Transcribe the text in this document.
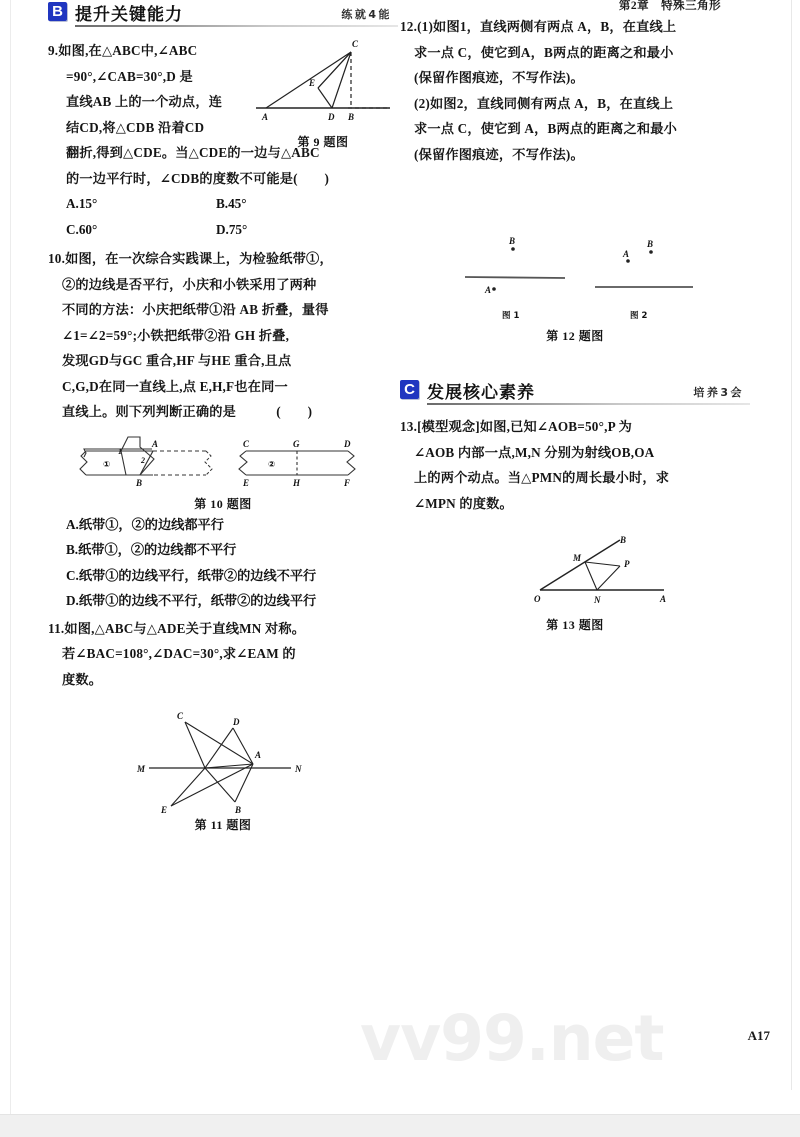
第2章　特殊三角形
B 提升关键能力	练就4能
9.如图,在△ABC中,∠ABC
=90°,∠CAB=30°,D 是
直线AB 上的一个动点，连
结CD,将△CDB 沿着CD
翻折,得到△CDE。当△CDE的一边与△ABC
的一边平行时，∠CDB的度数不可能是(　　)
A	B
C
D
E
第 9 题图
A.15°	B.45°
C.60°	D.75°
10.如图，在一次综合实践课上，为检验纸带①，
②的边线是否平行，小庆和小铁采用了两种
不同的方法：小庆把纸带①沿 AB 折叠，量得
∠1=∠2=59°;小铁把纸带②沿 GH 折叠,
发现GD与GC 重合,HF 与HE 重合,且点
C,G,D在同一直线上,点 E,H,F也在同一
直线上。则下列判断正确的是　　　(　　)
1
2
①
A
B
②
C	D
E	F
G
H
第 10 题图
A.纸带①，②的边线都平行
B.纸带①，②的边线都不平行
C.纸带①的边线平行，纸带②的边线不平行
D.纸带①的边线不平行，纸带②的边线平行
11.如图,△ABC与△ADE关于直线MN 对称。
若∠BAC=108°,∠DAC=30°,求∠EAM 的
度数。
C
D
A
B
E
M	N
第 11 题图
12.(1)如图1，直线两侧有两点 A，B，在直线上
求一点 C，使它到A，B两点的距离之和最小
(保留作图痕迹，不写作法)。
(2)如图2，直线同侧有两点 A，B，在直线上
求一点 C，使它到 A，B两点的距离之和最小
(保留作图痕迹，不写作法)。
B
A
图 1
A
B
图 2
第 12 题图
C 发展核心素养	培养3会
13.[模型观念]如图,已知∠AOB=50°,P 为
∠AOB 内部一点,M,N 分别为射线OB,OA
上的两个动点。当△PMN的周长最小时，求
∠MPN 的度数。
O	A
B
M
N
P
第 13 题图
vv99.net	A17
